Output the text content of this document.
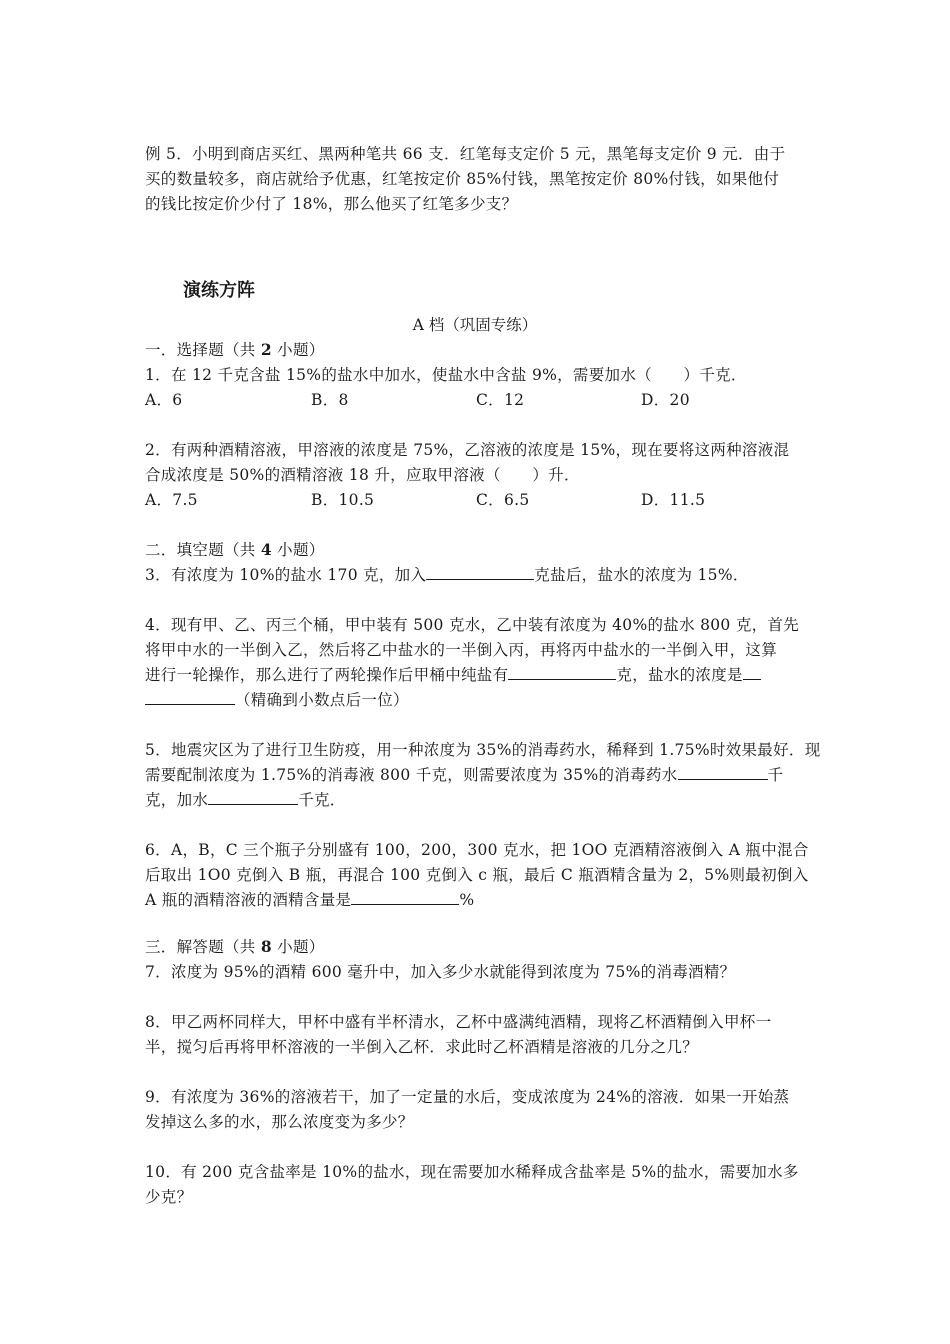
例 5．小明到商店买红、黑两种笔共 66 支．红笔每支定价 5 元，黑笔每支定价 9 元．由于
买的数量较多，商店就给予优惠，红笔按定价 85%付钱，黑笔按定价 80%付钱，如果他付
的钱比按定价少付了 18%，那么他买了红笔多少支？
演练方阵
A 档（巩固专练）
一．选择题（共 2 小题）
1．在 12 千克含盐 15%的盐水中加水，使盐水中含盐 9%，需要加水（　　）千克．
A．6	B．8	C．12	D．20
2．有两种酒精溶液，甲溶液的浓度是 75%，乙溶液的浓度是 15%，现在要将这两种溶液混
合成浓度是 50%的酒精溶液 18 升，应取甲溶液（　　）升．
A．7.5	B．10.5	C．6.5	D．11.5
二．填空题（共 4 小题）
3．有浓度为 10%的盐水 170 克，加入	克盐后，盐水的浓度为 15%．
4．现有甲、乙、丙三个桶，甲中装有 500 克水，乙中装有浓度为 40%的盐水 800 克，首先
将甲中水的一半倒入乙，然后将乙中盐水的一半倒入丙，再将丙中盐水的一半倒入甲，这算
进行一轮操作，那么进行了两轮操作后甲桶中纯盐有	克，盐水的浓度是
（精确到小数点后一位）
5．地震灾区为了进行卫生防疫，用一种浓度为 35%的消毒药水，稀释到 1.75%时效果最好．现
需要配制浓度为 1.75%的消毒液 800 千克，则需要浓度为 35%的消毒药水	千
克，加水	千克．
6．A，B，C 三个瓶子分别盛有 100，200，300 克水，把 1OO 克酒精溶液倒入 A 瓶中混合
后取出 1O0 克倒入 B 瓶，再混合 100 克倒入 c 瓶，最后 C 瓶酒精含量为 2，5%则最初倒入
A 瓶的酒精溶液的酒精含量是	%
三．解答题（共 8 小题）
7．浓度为 95%的酒精 600 毫升中，加入多少水就能得到浓度为 75%的消毒酒精？
8．甲乙两杯同样大，甲杯中盛有半杯清水，乙杯中盛满纯酒精，现将乙杯酒精倒入甲杯一
半，搅匀后再将甲杯溶液的一半倒入乙杯．求此时乙杯酒精是溶液的几分之几？
9．有浓度为 36%的溶液若干，加了一定量的水后，变成浓度为 24%的溶液．如果一开始蒸
发掉这么多的水，那么浓度变为多少？
10．有 200 克含盐率是 10%的盐水，现在需要加水稀释成含盐率是 5%的盐水，需要加水多
少克？
